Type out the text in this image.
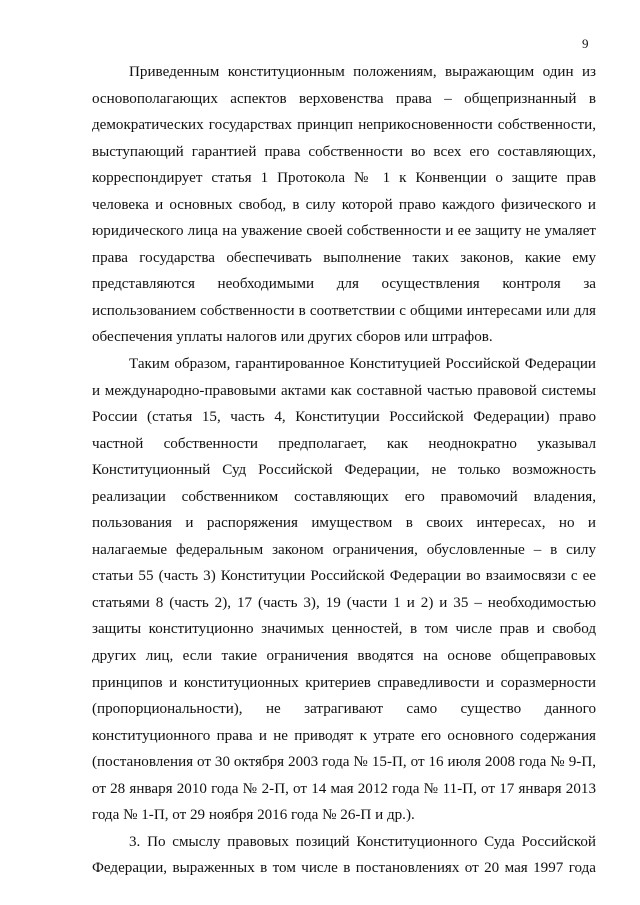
9
Приведенным конституционным положениям, выражающим один из
основополагающих аспектов верховенства права – общепризнанный в
демократических государствах принцип неприкосновенности собственности,
выступающий гарантией права собственности во всех его составляющих,
корреспондирует статья 1 Протокола № 1 к Конвенции о защите прав
человека и основных свобод, в силу которой право каждого физического и
юридического лица на уважение своей собственности и ее защиту не умаляет
права государства обеспечивать выполнение таких законов, какие ему
представляются необходимыми для осуществления контроля за
использованием собственности в соответствии с общими интересами или для
обеспечения уплаты налогов или других сборов или штрафов.
Таким образом, гарантированное Конституцией Российской Федерации
и международно-правовыми актами как составной частью правовой системы
России (статья 15, часть 4, Конституции Российской Федерации) право
частной собственности предполагает, как неоднократно указывал
Конституционный Суд Российской Федерации, не только возможность
реализации собственником составляющих его правомочий владения,
пользования и распоряжения имуществом в своих интересах, но и
налагаемые федеральным законом ограничения, обусловленные – в силу
статьи 55 (часть 3) Конституции Российской Федерации во взаимосвязи с ее
статьями 8 (часть 2), 17 (часть 3), 19 (части 1 и 2) и 35 – необходимостью
защиты конституционно значимых ценностей, в том числе прав и свобод
других лиц, если такие ограничения вводятся на основе общеправовых
принципов и конституционных критериев справедливости и соразмерности
(пропорциональности), не затрагивают само существо данного
конституционного права и не приводят к утрате его основного содержания
(постановления от 30 октября 2003 года № 15-П, от 16 июля 2008 года № 9-П,
от 28 января 2010 года № 2-П, от 14 мая 2012 года № 11-П, от 17 января 2013
года № 1-П, от 29 ноября 2016 года № 26-П и др.).
3. По смыслу правовых позиций Конституционного Суда Российской
Федерации, выраженных в том числе в постановлениях от 20 мая 1997 года
